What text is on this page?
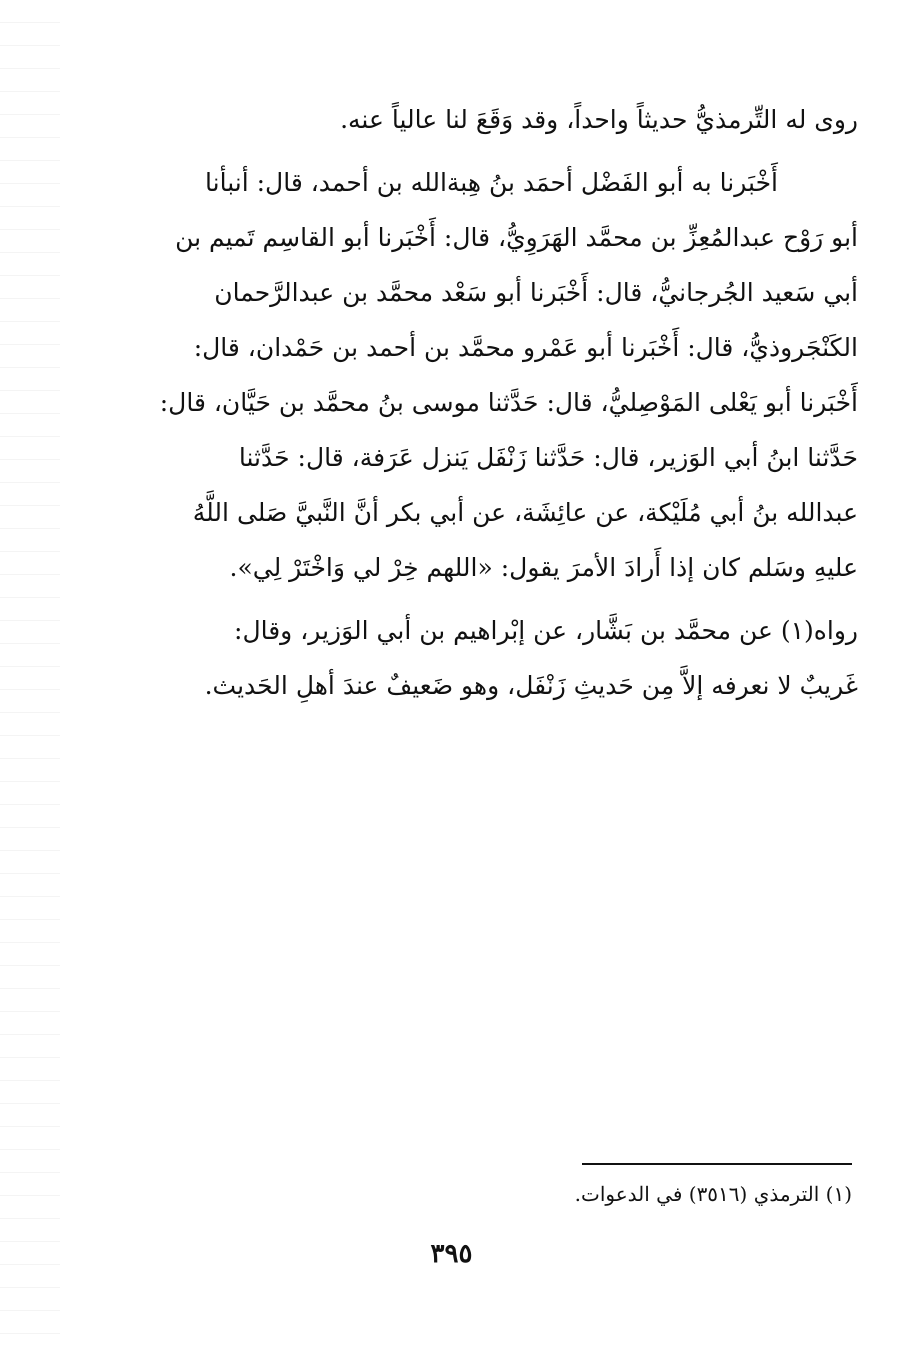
روى له التِّرمذيُّ حديثاً واحداً، وقد وَقَعَ لنا عالياً عنه.

أَخْبَرنا به أبو الفَضْل أحمَد بنُ هِبةالله بن أحمد، قال: أنبأنا
أبو رَوْح عبدالمُعِزِّ بن محمَّد الهَرَوِيُّ، قال: أَخْبَرنا أبو القاسِم تَميم بن
أبي سَعيد الجُرجانيُّ، قال: أَخْبَرنا أبو سَعْد محمَّد بن عبدالرَّحمان
الكَنْجَروذيُّ، قال: أَخْبَرنا أبو عَمْرو محمَّد بن أحمد بن حَمْدان، قال:
أَخْبَرنا أبو يَعْلى المَوْصِليُّ، قال: حَدَّثنا موسى بنُ محمَّد بن حَيَّان، قال:
حَدَّثنا ابنُ أبي الوَزير، قال: حَدَّثنا زَنْفَل يَنزل عَرَفة، قال: حَدَّثنا
عبدالله بنُ أبي مُلَيْكة، عن عائِشَة، عن أبي بكر أنَّ النَّبيَّ صَلى اللَّهُ
عليهِ وسَلم كان إذا أَرادَ الأمرَ يقول: «اللهم خِرْ لي وَاخْتَرْ لِي».

رواه(١) عن محمَّد بن بَشَّار، عن إبْراهيم بن أبي الوَزير، وقال:
غَريبٌ لا نعرفه إلاَّ مِن حَديثِ زَنْفَل، وهو ضَعيفٌ عندَ أهلِ الحَديث.

(١) الترمذي (٣٥١٦) في الدعوات.
٣٩٥
